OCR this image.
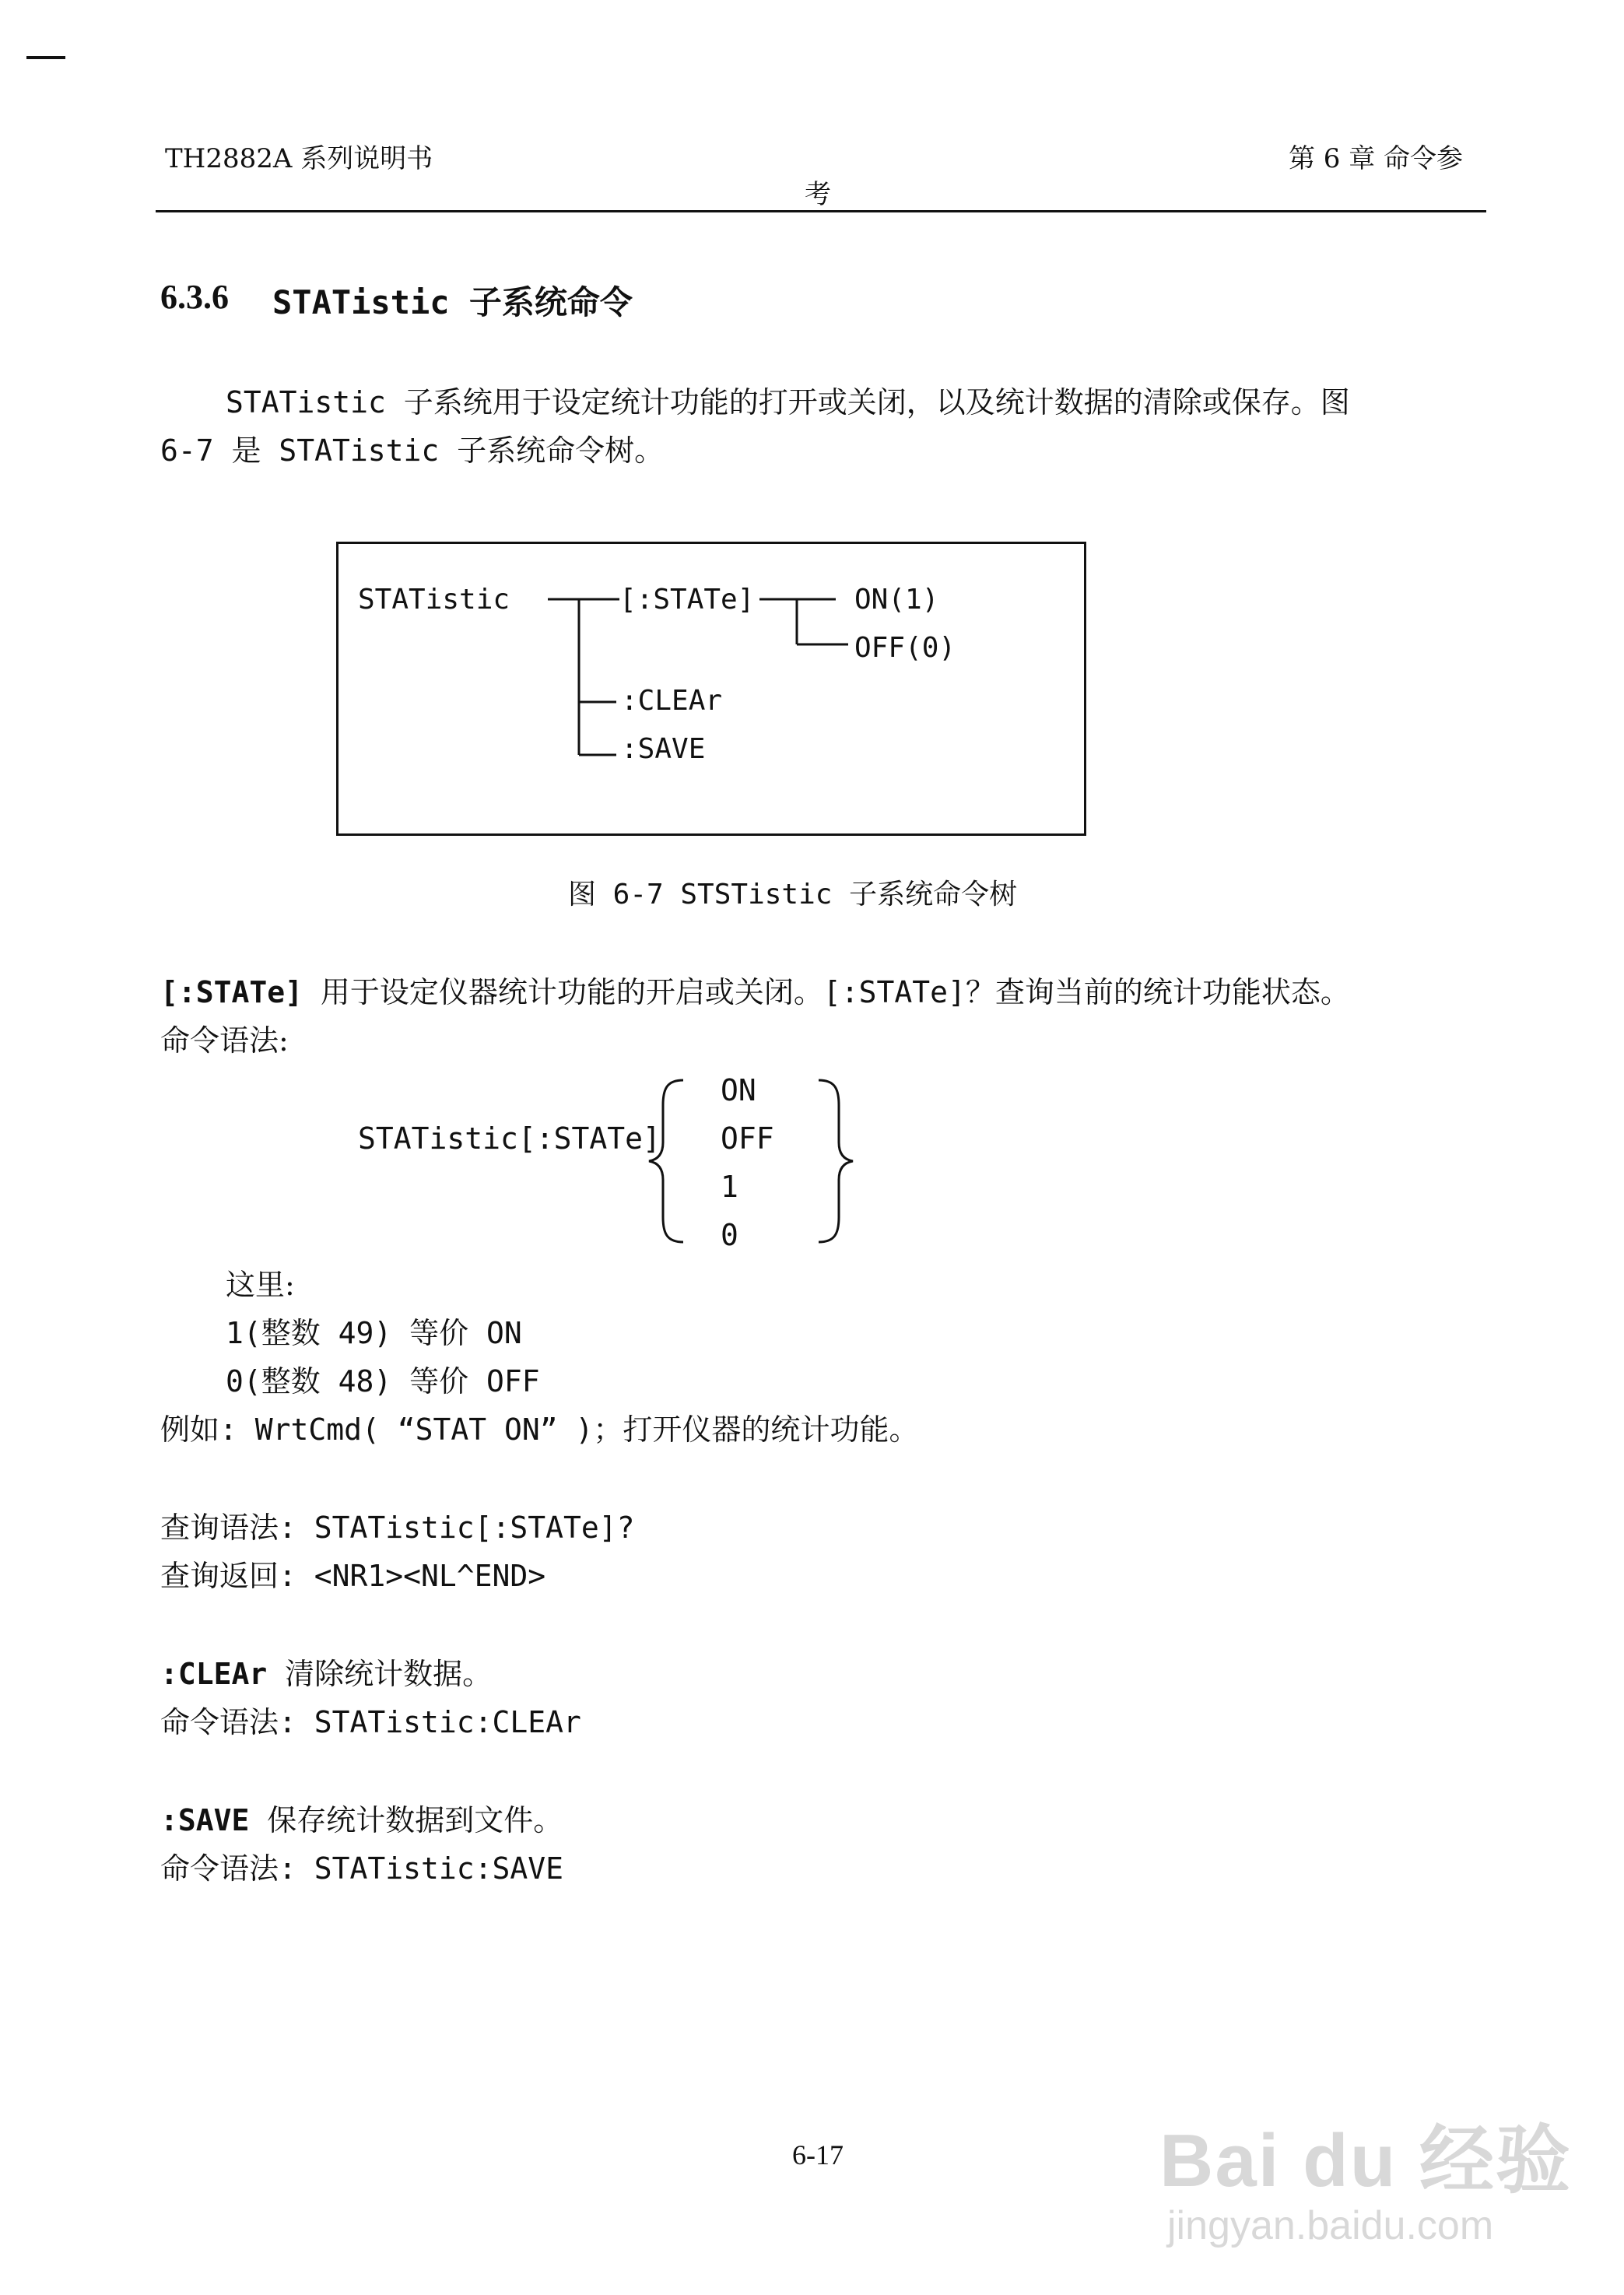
TH2882A 系列说明书	第 6 章 命令参
考
6.3.6 STATistic 子系统命令
STATistic 子系统用于设定统计功能的打开或关闭，以及统计数据的清除或保存。图
6-7 是 STATistic 子系统命令树。
STATistic	[:STATe]	ON(1)
OFF(0)
:CLEAr
:SAVE
图 6-7 STSTistic 子系统命令树
[:STATe] 用于设定仪器统计功能的开启或关闭。[:STATe]？查询当前的统计功能状态。
命令语法:
STATistic[:STATe]
ON
OFF
1
0
这里:
1(整数 49) 等价 ON
0(整数 48) 等价 OFF
例如: WrtCmd( “STAT ON” )；打开仪器的统计功能。
查询语法: STATistic[:STATe]?
查询返回: <NR1><NL^END>
:CLEAr 清除统计数据。
命令语法: STATistic:CLEAr
:SAVE 保存统计数据到文件。
命令语法: STATistic:SAVE
6-17	Bai du 经验
jingyan.baidu.com
